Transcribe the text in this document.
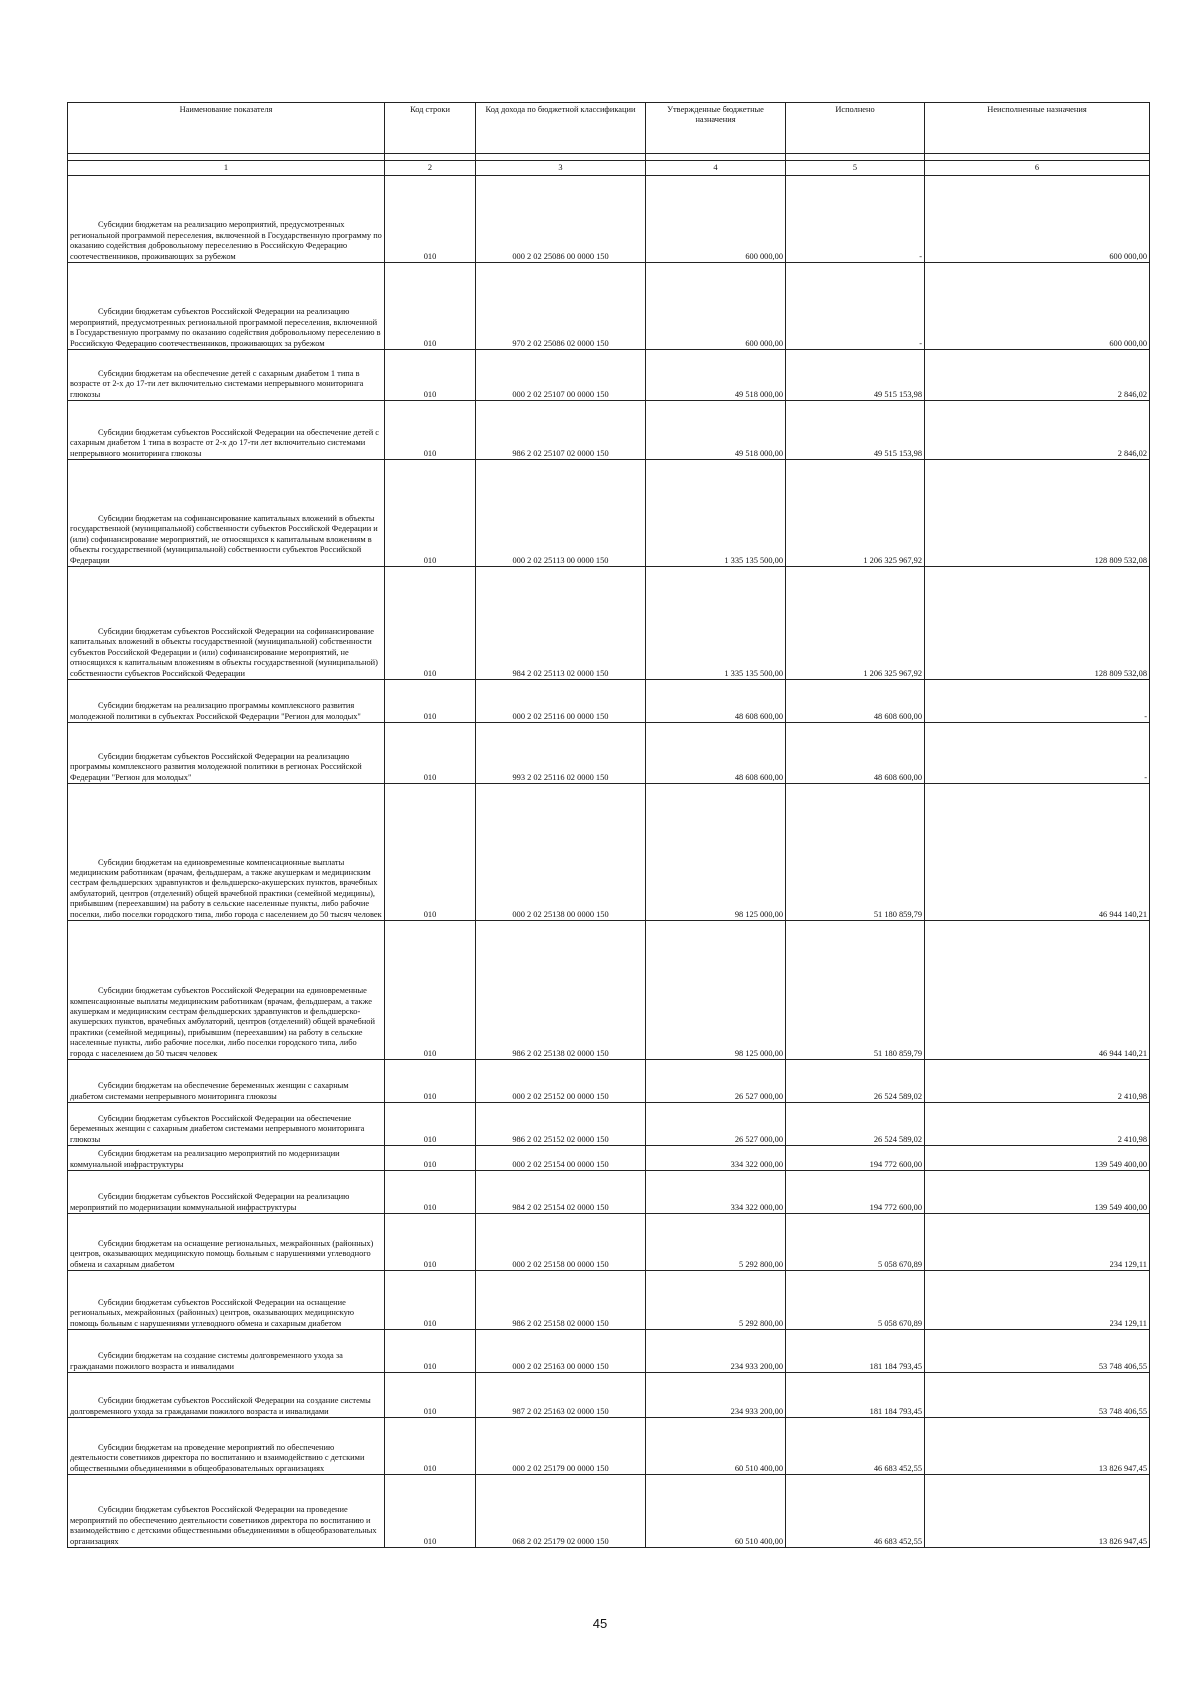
Наименование показателя	Код строки	Код дохода по бюджетной классификации	Утвержденные бюджетные назначения	Исполнено	Неисполненные назначения

1	2	3	4	5	6
Субсидии бюджетам на реализацию мероприятий, предусмотренных региональной программой переселения, включенной в Государственную программу по оказанию содействия добровольному переселению в Российскую Федерацию соотечественников, проживающих за рубежом	010	000 2 02 25086 00 0000 150	600 000,00	-	600 000,00
Субсидии бюджетам субъектов Российской Федерации на реализацию мероприятий, предусмотренных региональной программой переселения, включенной в Государственную программу по оказанию содействия добровольному переселению в Российскую Федерацию соотечественников, проживающих за рубежом	010	970 2 02 25086 02 0000 150	600 000,00	-	600 000,00
Субсидии бюджетам на обеспечение детей с сахарным диабетом 1 типа в возрасте от 2-х до 17-ти лет включительно системами непрерывного мониторинга глюкозы	010	000 2 02 25107 00 0000 150	49 518 000,00	49 515 153,98	2 846,02
Субсидии бюджетам субъектов Российской Федерации на обеспечение детей с сахарным диабетом 1 типа в возрасте от 2-х до 17-ти лет включительно системами непрерывного мониторинга глюкозы	010	986 2 02 25107 02 0000 150	49 518 000,00	49 515 153,98	2 846,02
Субсидии бюджетам на софинансирование капитальных вложений в объекты государственной (муниципальной) собственности субъектов Российской Федерации и (или) софинансирование мероприятий, не относящихся к капитальным вложениям в объекты государственной (муниципальной) собственности субъектов Российской Федерации	010	000 2 02 25113 00 0000 150	1 335 135 500,00	1 206 325 967,92	128 809 532,08
Субсидии бюджетам субъектов Российской Федерации на софинансирование капитальных вложений в объекты государственной (муниципальной) собственности субъектов Российской Федерации и (или) софинансирование мероприятий, не относящихся к капитальным вложениям в объекты государственной (муниципальной) собственности субъектов Российской Федерации	010	984 2 02 25113 02 0000 150	1 335 135 500,00	1 206 325 967,92	128 809 532,08
Субсидии бюджетам на реализацию программы комплексного развития молодежной политики в субъектах Российской Федерации "Регион для молодых"	010	000 2 02 25116 00 0000 150	48 608 600,00	48 608 600,00	-
Субсидии бюджетам субъектов Российской Федерации на реализацию программы комплексного развития молодежной политики в регионах Российской Федерации "Регион для молодых"	010	993 2 02 25116 02 0000 150	48 608 600,00	48 608 600,00	-
Субсидии бюджетам на единовременные компенсационные выплаты медицинским работникам (врачам, фельдшерам, а также акушеркам и медицинским сестрам фельдшерских здравпунктов и фельдшерско-акушерских пунктов, врачебных амбулаторий, центров (отделений) общей врачебной практики (семейной медицины), прибывшим (переехавшим) на работу в сельские населенные пункты, либо рабочие поселки, либо поселки городского типа, либо города с населением до 50 тысяч человек	010	000 2 02 25138 00 0000 150	98 125 000,00	51 180 859,79	46 944 140,21
Субсидии бюджетам субъектов Российской Федерации на единовременные компенсационные выплаты медицинским работникам (врачам, фельдшерам, а также акушеркам и медицинским сестрам фельдшерских здравпунктов и фельдшерско-акушерских пунктов, врачебных амбулаторий, центров (отделений) общей врачебной практики (семейной медицины), прибывшим (переехавшим) на работу в сельские населенные пункты, либо рабочие поселки, либо поселки городского типа, либо города с населением до 50 тысяч человек	010	986 2 02 25138 02 0000 150	98 125 000,00	51 180 859,79	46 944 140,21
Субсидии бюджетам на обеспечение беременных женщин с сахарным диабетом системами непрерывного мониторинга глюкозы	010	000 2 02 25152 00 0000 150	26 527 000,00	26 524 589,02	2 410,98
Субсидии бюджетам субъектов Российской Федерации на обеспечение беременных женщин с сахарным диабетом системами непрерывного мониторинга глюкозы	010	986 2 02 25152 02 0000 150	26 527 000,00	26 524 589,02	2 410,98
Субсидии бюджетам на реализацию мероприятий по модернизации коммунальной инфраструктуры	010	000 2 02 25154 00 0000 150	334 322 000,00	194 772 600,00	139 549 400,00
Субсидии бюджетам субъектов Российской Федерации на реализацию мероприятий по модернизации коммунальной инфраструктуры	010	984 2 02 25154 02 0000 150	334 322 000,00	194 772 600,00	139 549 400,00
Субсидии бюджетам на оснащение региональных, межрайонных (районных) центров, оказывающих медицинскую помощь больным с нарушениями углеводного обмена и сахарным диабетом	010	000 2 02 25158 00 0000 150	5 292 800,00	5 058 670,89	234 129,11
Субсидии бюджетам субъектов Российской Федерации на оснащение региональных, межрайонных (районных) центров, оказывающих медицинскую помощь больным с нарушениями углеводного обмена и сахарным диабетом	010	986 2 02 25158 02 0000 150	5 292 800,00	5 058 670,89	234 129,11
Субсидии бюджетам на создание системы долговременного ухода за гражданами пожилого возраста и инвалидами	010	000 2 02 25163 00 0000 150	234 933 200,00	181 184 793,45	53 748 406,55
Субсидии бюджетам субъектов Российской Федерации на создание системы долговременного ухода за гражданами пожилого возраста и инвалидами	010	987 2 02 25163 02 0000 150	234 933 200,00	181 184 793,45	53 748 406,55
Субсидии бюджетам на проведение мероприятий по обеспечению деятельности советников директора по воспитанию и взаимодействию с детскими общественными объединениями в общеобразовательных организациях	010	000 2 02 25179 00 0000 150	60 510 400,00	46 683 452,55	13 826 947,45
Субсидии бюджетам субъектов Российской Федерации на проведение мероприятий по обеспечению деятельности советников директора по воспитанию и взаимодействию с детскими общественными объединениями в общеобразовательных организациях	010	068 2 02 25179 02 0000 150	60 510 400,00	46 683 452,55	13 826 947,45
45
